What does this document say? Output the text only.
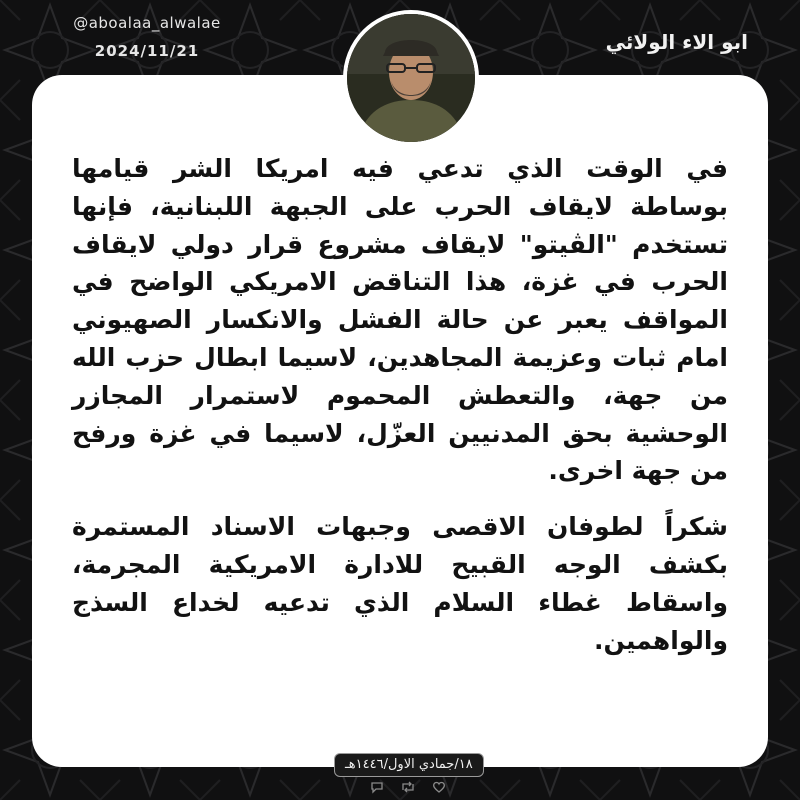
@aboalaa_alwalae
2024/11/21	ابو الاء الولائي

في الوقت الذي تدعي فيه امريكا الشر قيامها بوساطة لايقاف الحرب على الجبهة اللبنانية، فإنها تستخدم "الڤيتو" لايقاف مشروع قرار دولي لايقاف الحرب في غزة، هذا التناقض الامريكي الواضح في المواقف يعبر عن حالة الفشل والانكسار الصهيوني امام ثبات وعزيمة المجاهدين، لاسيما ابطال حزب الله من جهة، والتعطش المحموم لاستمرار المجازر الوحشية بحق المدنيين العزّل، لاسيما في غزة ورفح من جهة اخرى.

شكراً لطوفان الاقصى وجبهات الاسناد المستمرة بكشف الوجه القبيح للادارة الامريكية المجرمة، واسقاط غطاء السلام الذي تدعيه لخداع السذج والواهمين.

١٨/جمادي الاول/١٤٤٦هـ
